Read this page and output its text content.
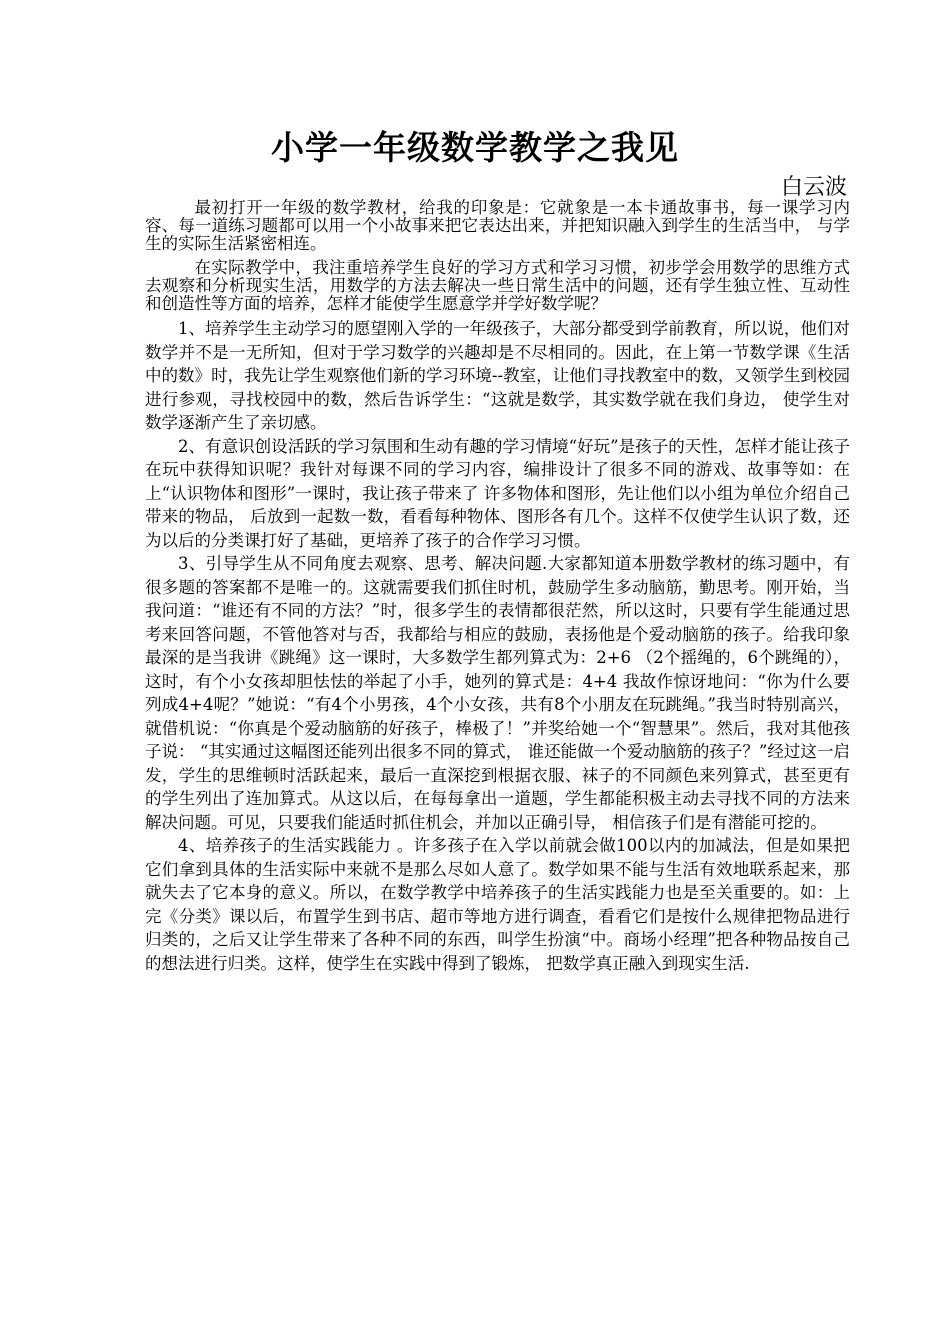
小学一年级数学教学之我见
白云波

最初打开一年级的数学教材，给我的印象是：它就象是一本卡通故事书，每一课学习内容、每一道练习题都可以用一个小故事来把它表达出来，并把知识融入到学生的生活当中， 与学生的实际生活紧密相连。

在实际教学中，我注重培养学生良好的学习方式和学习习惯，初步学会用数学的思维方式去观察和分析现实生活，用数学的方法去解决一些日常生活中的问题，还有学生独立性、互动性和创造性等方面的培养，怎样才能使学生愿意学并学好数学呢？

1、培养学生主动学习的愿望刚入学的一年级孩子，大部分都受到学前教育，所以说，他们对数学并不是一无所知，但对于学习数学的兴趣却是不尽相同的。因此，在上第一节数学课《生活中的数》时，我先让学生观察他们新的学习环境--教室，让他们寻找教室中的数，又领学生到校园进行参观，寻找校园中的数，然后告诉学生：“这就是数学，其实数学就在我们身边， 使学生对数学逐渐产生了亲切感。

2、有意识创设活跃的学习氛围和生动有趣的学习情境“好玩”是孩子的天性，怎样才能让孩子在玩中获得知识呢？我针对每课不同的学习内容，编排设计了很多不同的游戏、故事等如：在上“认识物体和图形”一课时，我让孩子带来了 许多物体和图形，先让他们以小组为单位介绍自己带来的物品， 后放到一起数一数，看看每种物体、图形各有几个。这样不仅使学生认识了数，还为以后的分类课打好了基础，更培养了孩子的合作学习习惯。

3、引导学生从不同角度去观察、思考、解决问题.大家都知道本册数学教材的练习题中，有很多题的答案都不是唯一的。这就需要我们抓住时机，鼓励学生多动脑筋，勤思考。刚开始，当我问道：“谁还有不同的方法？”时，很多学生的表情都很茫然，所以这时，只要有学生能通过思考来回答问题，不管他答对与否，我都给与相应的鼓励，表扬他是个爱动脑筋的孩子。给我印象最深的是当我讲《跳绳》这一课时，大多数学生都列算式为：2+6 （2个摇绳的，6个跳绳的），这时，有个小女孩却胆怯怯的举起了小手，她列的算式是：4+4 我故作惊讶地问：“你为什么要列成4+4呢？”她说：“有4个小男孩，4个小女孩，共有8个小朋友在玩跳绳。”我当时特别高兴，就借机说：“你真是个爱动脑筋的好孩子，棒极了！”并奖给她一个“智慧果”。然后，我对其他孩子说： “其实通过这幅图还能列出很多不同的算式， 谁还能做一个爱动脑筋的孩子？”经过这一启发，学生的思维顿时活跃起来，最后一直深挖到根据衣服、袜子的不同颜色来列算式，甚至更有的学生列出了连加算式。从这以后，在每每拿出一道题，学生都能积极主动去寻找不同的方法来解决问题。可见，只要我们能适时抓住机会，并加以正确引导， 相信孩子们是有潜能可挖的。

4、培养孩子的生活实践能力 。许多孩子在入学以前就会做100以内的加减法，但是如果把它们拿到具体的生活实际中来就不是那么尽如人意了。数学如果不能与生活有效地联系起来，那就失去了它本身的意义。所以，在数学教学中培养孩子的生活实践能力也是至关重要的。如：上完《分类》课以后，布置学生到书店、超市等地方进行调查，看看它们是按什么规律把物品进行归类的，之后又让学生带来了各种不同的东西，叫学生扮演“中。商场小经理”把各种物品按自己的想法进行归类。这样，使学生在实践中得到了锻炼， 把数学真正融入到现实生活.
